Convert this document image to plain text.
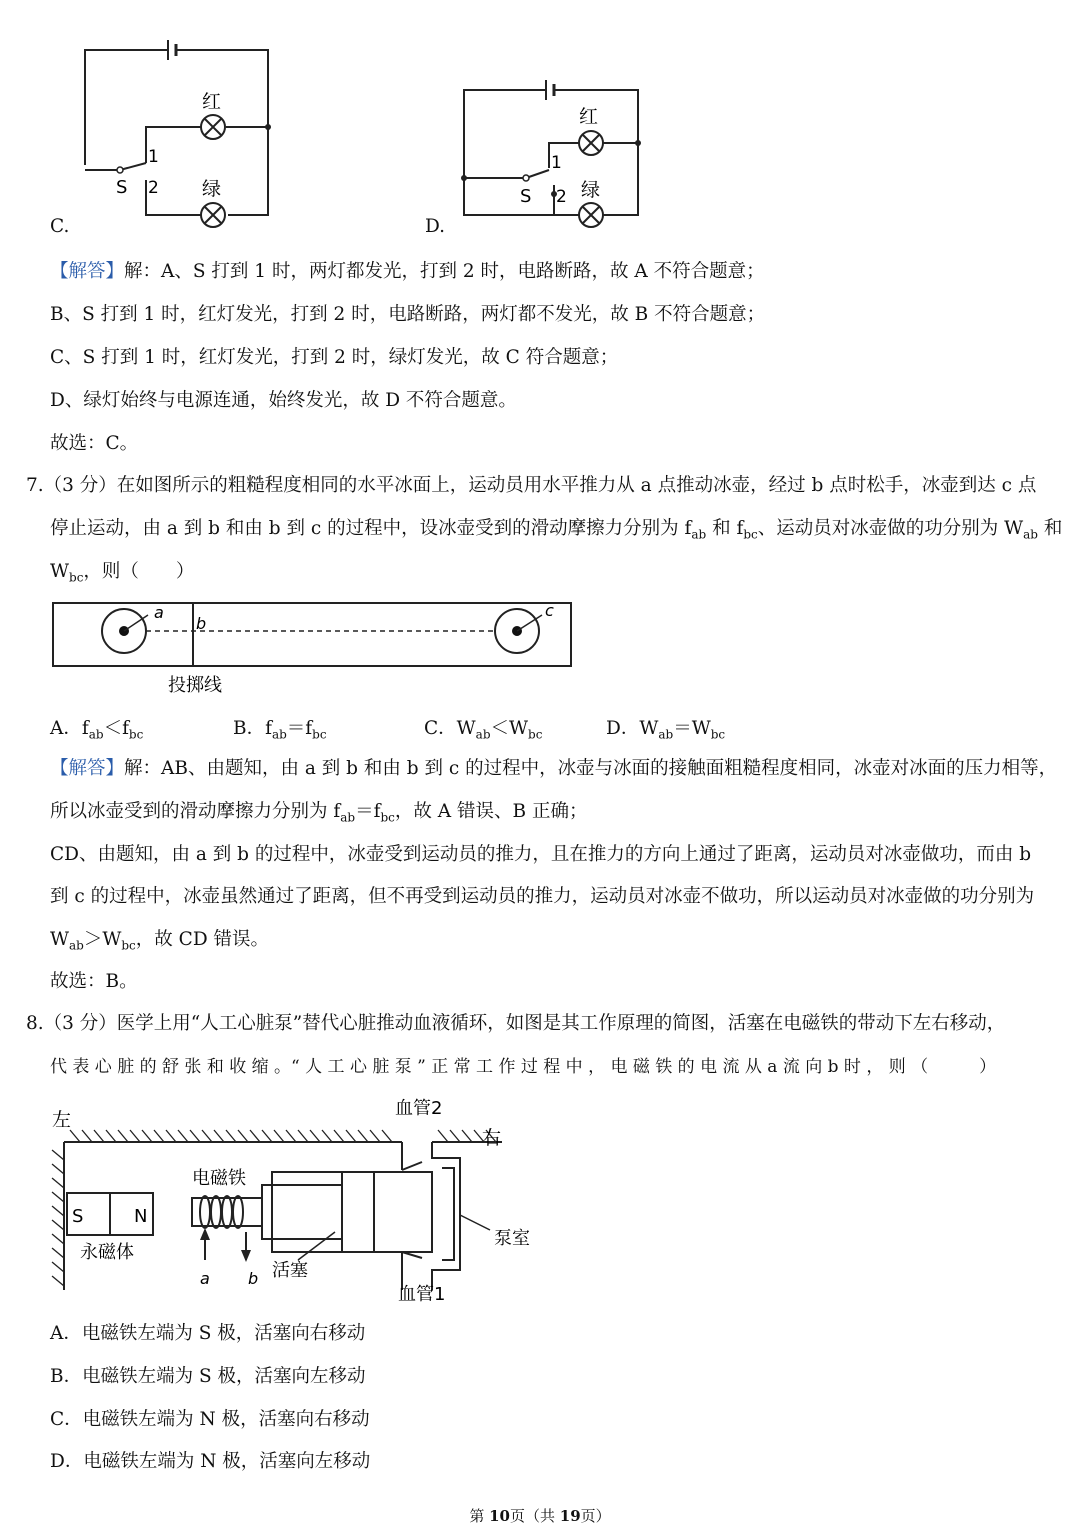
红
绿
S
1
2
C.
红
绿
S
1
2
D.
【解答】解：A、S 打到 1 时，两灯都发光，打到 2 时，电路断路，故 A 不符合题意；
B、S 打到 1 时，红灯发光，打到 2 时，电路断路，两灯都不发光，故 B 不符合题意；
C、S 打到 1 时，红灯发光，打到 2 时，绿灯发光，故 C 符合题意；
D、绿灯始终与电源连通，始终发光，故 D 不符合题意。
故选：C。
7.（3 分）在如图所示的粗糙程度相同的水平冰面上，运动员用水平推力从 a 点推动冰壶，经过 b 点时松手，冰壶到达 c 点
停止运动，由 a 到 b 和由 b 到 c 的过程中，设冰壶受到的滑动摩擦力分别为 $f_{ab}$ 和 $f_{bc}$、运动员对冰壶做的功分别为 $W_{ab}$ 和
$W_{bc}$，则（　　）
a
b
c
投掷线
A．$f_{ab}<f_{bc}$	B．$f_{ab}=f_{bc}$	C．$W_{ab}<W_{bc}$	D．$W_{ab}=W_{bc}$
【解答】解：AB、由题知，由 a 到 b 和由 b 到 c 的过程中，冰壶与冰面的接触面粗糙程度相同，冰壶对冰面的压力相等，
所以冰壶受到的滑动摩擦力分别为 $f_{ab}=f_{bc}$，故 A 错误、B 正确；
CD、由题知，由 a 到 b 的过程中，冰壶受到运动员的推力，且在推力的方向上通过了距离，运动员对冰壶做功，而由 b
到 c 的过程中，冰壶虽然通过了距离，但不再受到运动员的推力，运动员对冰壶不做功，所以运动员对冰壶做的功分别为
$W_{ab}>W_{bc}$，故 CD 错误。
故选：B。
8.（3 分）医学上用“人工心脏泵”替代心脏推动血液循环，如图是其工作原理的简图，活塞在电磁铁的带动下左右移动，
代 表 心 脏 的 舒 张 和 收 缩 。“ 人 工 心 脏 泵 ” 正 常 工 作 过 程 中 ， 电 磁 铁 的 电 流 从 a 流 向 b 时 ， 则 （　　　）
左
右
血管2
血管1
电磁铁
S	N
永磁体
a b 活塞
泵室
A．电磁铁左端为 S 极，活塞向右移动
B．电磁铁左端为 S 极，活塞向左移动
C．电磁铁左端为 N 极，活塞向右移动
D．电磁铁左端为 N 极，活塞向左移动
第 10页（共 19页）
